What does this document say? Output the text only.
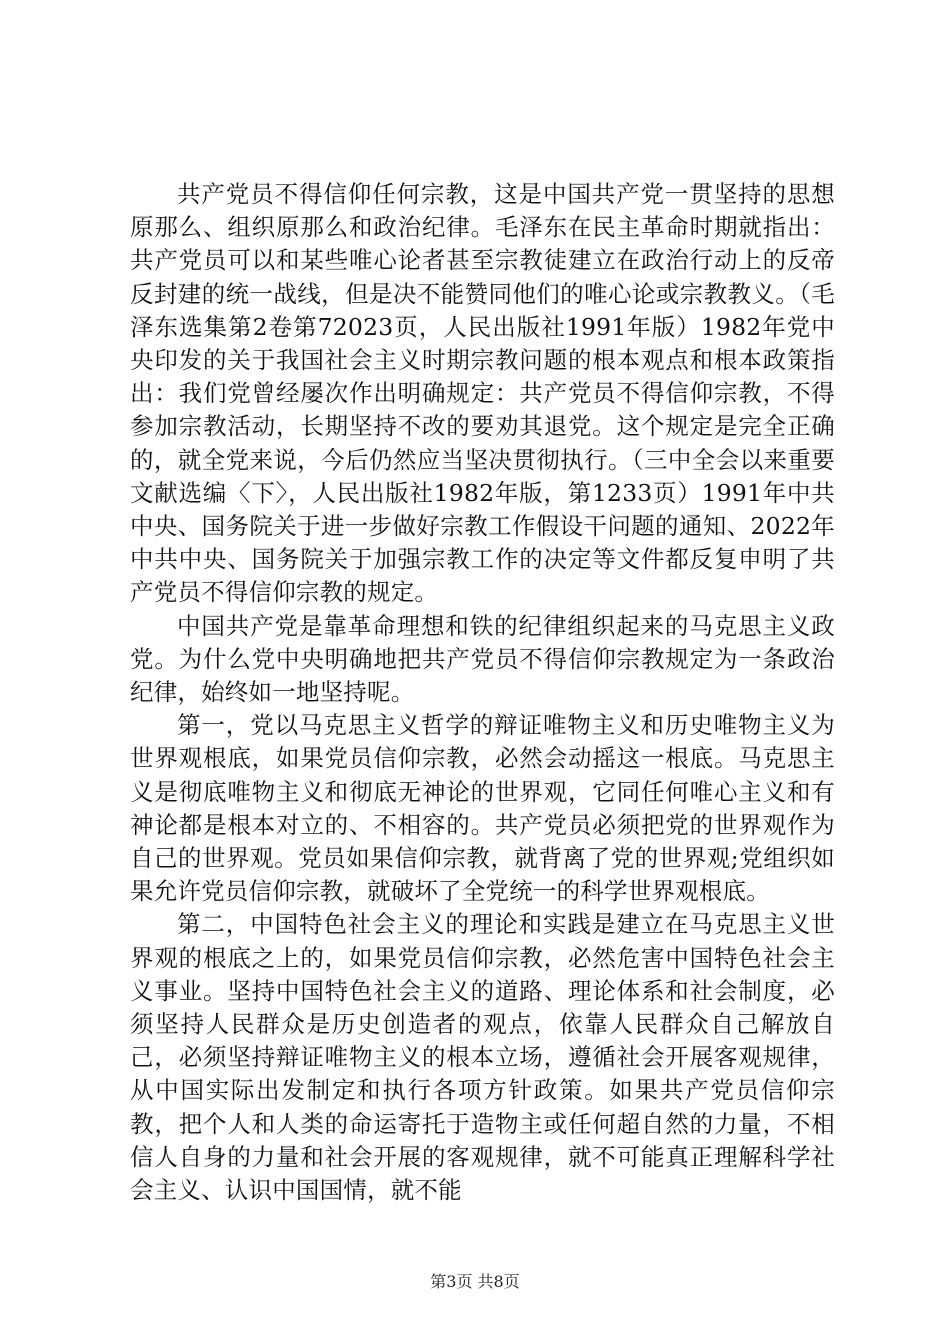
共产党员不得信仰任何宗教，这是中国共产党一贯坚持的思想原那么、组织原那么和政治纪律。毛泽东在民主革命时期就指出：共产党员可以和某些唯心论者甚至宗教徒建立在政治行动上的反帝反封建的统一战线，但是决不能赞同他们的唯心论或宗教教义。（毛泽东选集第2卷第72023页，人民出版社1991年版）1982年党中央印发的关于我国社会主义时期宗教问题的根本观点和根本政策指出：我们党曾经屡次作出明确规定：共产党员不得信仰宗教，不得参加宗教活动，长期坚持不改的要劝其退党。这个规定是完全正确的，就全党来说，今后仍然应当坚决贯彻执行。（三中全会以来重要文献选编〈下〉，人民出版社1982年版，第1233页）1991年中共中央、国务院关于进一步做好宗教工作假设干问题的通知、2022年中共中央、国务院关于加强宗教工作的决定等文件都反复申明了共产党员不得信仰宗教的规定。

中国共产党是靠革命理想和铁的纪律组织起来的马克思主义政党。为什么党中央明确地把共产党员不得信仰宗教规定为一条政治纪律，始终如一地坚持呢。

第一，党以马克思主义哲学的辩证唯物主义和历史唯物主义为世界观根底，如果党员信仰宗教，必然会动摇这一根底。马克思主义是彻底唯物主义和彻底无神论的世界观，它同任何唯心主义和有神论都是根本对立的、不相容的。共产党员必须把党的世界观作为自己的世界观。党员如果信仰宗教，就背离了党的世界观;党组织如果允许党员信仰宗教，就破坏了全党统一的科学世界观根底。

第二，中国特色社会主义的理论和实践是建立在马克思主义世界观的根底之上的，如果党员信仰宗教，必然危害中国特色社会主义事业。坚持中国特色社会主义的道路、理论体系和社会制度，必须坚持人民群众是历史创造者的观点，依靠人民群众自己解放自己，必须坚持辩证唯物主义的根本立场，遵循社会开展客观规律，从中国实际出发制定和执行各项方针政策。如果共产党员信仰宗教，把个人和人类的命运寄托于造物主或任何超自然的力量，不相信人自身的力量和社会开展的客观规律，就不可能真正理解科学社会主义、认识中国国情，就不能

第3页 共8页
